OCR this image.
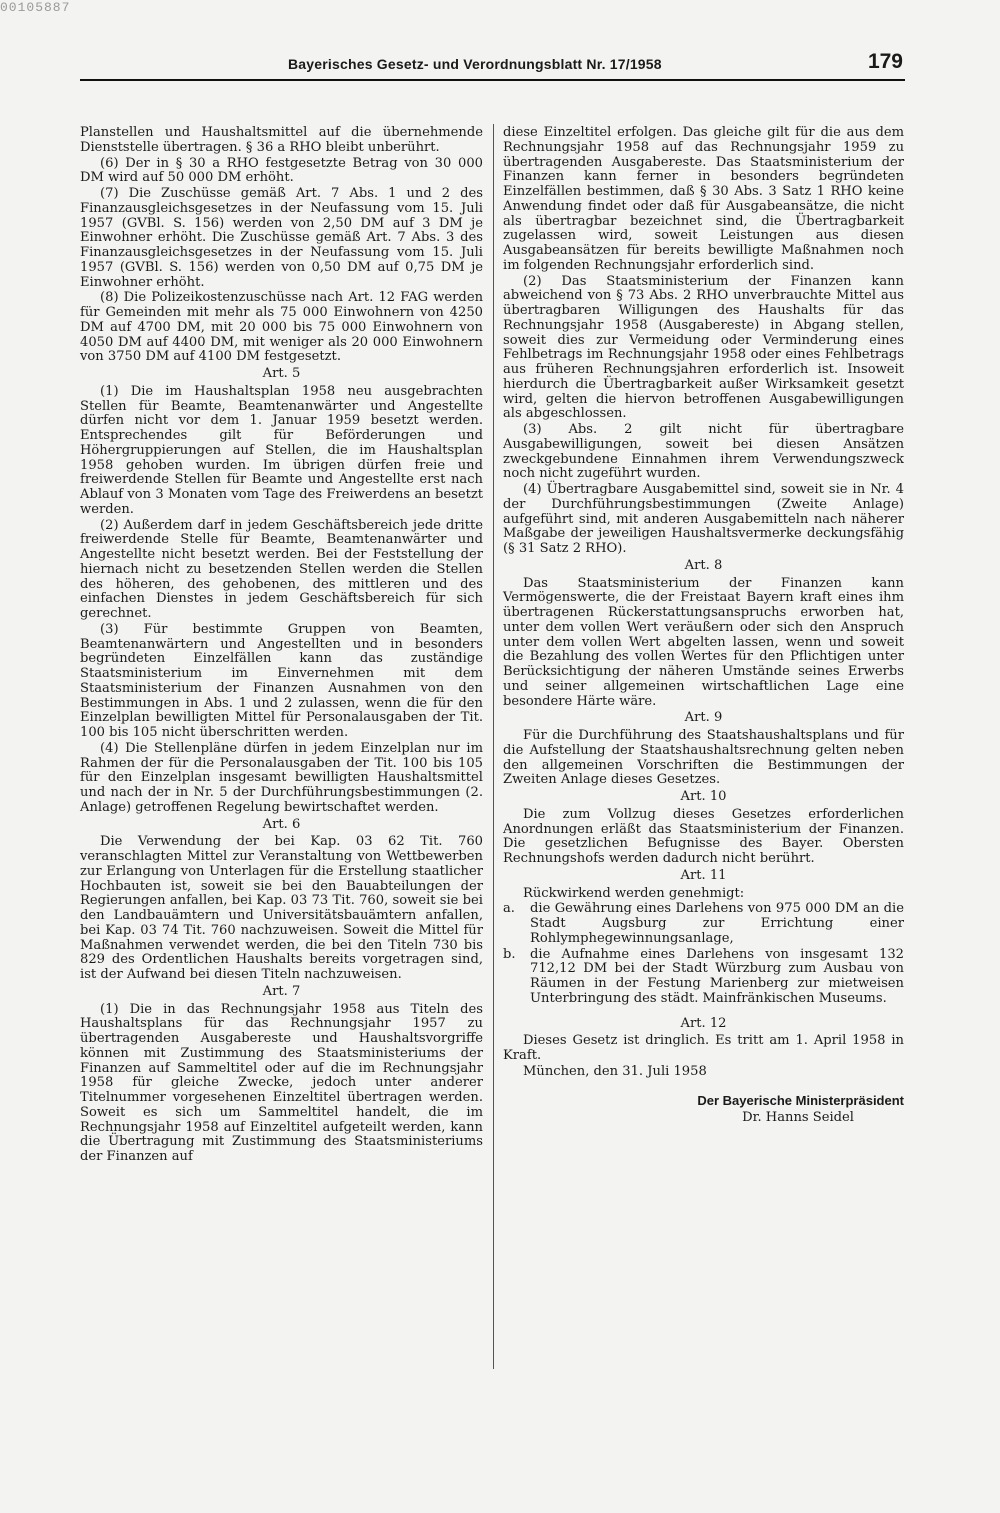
00105887
Bayerisches Gesetz- und Verordnungsblatt Nr. 17/1958	179

Planstellen und Haushaltsmittel auf die übernehmende Dienststelle übertragen. § 36 a RHO bleibt unberührt.

(6) Der in § 30 a RHO festgesetzte Betrag von 30 000 DM wird auf 50 000 DM erhöht.

(7) Die Zuschüsse gemäß Art. 7 Abs. 1 und 2 des Finanzausgleichsgesetzes in der Neufassung vom 15. Juli 1957 (GVBl. S. 156) werden von 2,50 DM auf 3 DM je Einwohner erhöht. Die Zuschüsse gemäß Art. 7 Abs. 3 des Finanzausgleichsgesetzes in der Neufassung vom 15. Juli 1957 (GVBl. S. 156) werden von 0,50 DM auf 0,75 DM je Einwohner erhöht.

(8) Die Polizeikostenzuschüsse nach Art. 12 FAG werden für Gemeinden mit mehr als 75 000 Einwohnern von 4250 DM auf 4700 DM, mit 20 000 bis 75 000 Einwohnern von 4050 DM auf 4400 DM, mit weniger als 20 000 Einwohnern von 3750 DM auf 4100 DM festgesetzt.

Art. 5

(1) Die im Haushaltsplan 1958 neu ausgebrachten Stellen für Beamte, Beamtenanwärter und Angestellte dürfen nicht vor dem 1. Januar 1959 besetzt werden. Entsprechendes gilt für Beförderungen und Höhergruppierungen auf Stellen, die im Haushaltsplan 1958 gehoben wurden. Im übrigen dürfen freie und freiwerdende Stellen für Beamte und Angestellte erst nach Ablauf von 3 Monaten vom Tage des Freiwerdens an besetzt werden.

(2) Außerdem darf in jedem Geschäftsbereich jede dritte freiwerdende Stelle für Beamte, Beamtenanwärter und Angestellte nicht besetzt werden. Bei der Feststellung der hiernach nicht zu besetzenden Stellen werden die Stellen des höheren, des gehobenen, des mittleren und des einfachen Dienstes in jedem Geschäftsbereich für sich gerechnet.

(3) Für bestimmte Gruppen von Beamten, Beamtenanwärtern und Angestellten und in besonders begründeten Einzelfällen kann das zuständige Staatsministerium im Einvernehmen mit dem Staatsministerium der Finanzen Ausnahmen von den Bestimmungen in Abs. 1 und 2 zulassen, wenn die für den Einzelplan bewilligten Mittel für Personalausgaben der Tit. 100 bis 105 nicht überschritten werden.

(4) Die Stellenpläne dürfen in jedem Einzelplan nur im Rahmen der für die Personalausgaben der Tit. 100 bis 105 für den Einzelplan insgesamt bewilligten Haushaltsmittel und nach der in Nr. 5 der Durchführungsbestimmungen (2. Anlage) getroffenen Regelung bewirtschaftet werden.

Art. 6

Die Verwendung der bei Kap. 03 62 Tit. 760 veranschlagten Mittel zur Veranstaltung von Wettbewerben zur Erlangung von Unterlagen für die Erstellung staatlicher Hochbauten ist, soweit sie bei den Bauabteilungen der Regierungen anfallen, bei Kap. 03 73 Tit. 760, soweit sie bei den Landbauämtern und Universitätsbauämtern anfallen, bei Kap. 03 74 Tit. 760 nachzuweisen. Soweit die Mittel für Maßnahmen verwendet werden, die bei den Titeln 730 bis 829 des Ordentlichen Haushalts bereits vorgetragen sind, ist der Aufwand bei diesen Titeln nachzuweisen.

Art. 7

(1) Die in das Rechnungsjahr 1958 aus Titeln des Haushaltsplans für das Rechnungsjahr 1957 zu übertragenden Ausgabereste und Haushaltsvorgriffe können mit Zustimmung des Staatsministeriums der Finanzen auf Sammeltitel oder auf die im Rechnungsjahr 1958 für gleiche Zwecke, jedoch unter anderer Titelnummer vorgesehenen Einzeltitel übertragen werden. Soweit es sich um Sammeltitel handelt, die im Rechnungsjahr 1958 auf Einzeltitel aufgeteilt werden, kann die Übertragung mit Zustimmung des Staatsministeriums der Finanzen auf

diese Einzeltitel erfolgen. Das gleiche gilt für die aus dem Rechnungsjahr 1958 auf das Rechnungsjahr 1959 zu übertragenden Ausgabereste. Das Staatsministerium der Finanzen kann ferner in besonders begründeten Einzelfällen bestimmen, daß § 30 Abs. 3 Satz 1 RHO keine Anwendung findet oder daß für Ausgabeansätze, die nicht als übertragbar bezeichnet sind, die Übertragbarkeit zugelassen wird, soweit Leistungen aus diesen Ausgabeansätzen für bereits bewilligte Maßnahmen noch im folgenden Rechnungsjahr erforderlich sind.

(2) Das Staatsministerium der Finanzen kann abweichend von § 73 Abs. 2 RHO unverbrauchte Mittel aus übertragbaren Willigungen des Haushalts für das Rechnungsjahr 1958 (Ausgabereste) in Abgang stellen, soweit dies zur Vermeidung oder Verminderung eines Fehlbetrags im Rechnungsjahr 1958 oder eines Fehlbetrags aus früheren Rechnungsjahren erforderlich ist. Insoweit hierdurch die Übertragbarkeit außer Wirksamkeit gesetzt wird, gelten die hiervon betroffenen Ausgabewilligungen als abgeschlossen.

(3) Abs. 2 gilt nicht für übertragbare Ausgabewilligungen, soweit bei diesen Ansätzen zweckgebundene Einnahmen ihrem Verwendungszweck noch nicht zugeführt wurden.

(4) Übertragbare Ausgabemittel sind, soweit sie in Nr. 4 der Durchführungsbestimmungen (Zweite Anlage) aufgeführt sind, mit anderen Ausgabemitteln nach näherer Maßgabe der jeweiligen Haushaltsvermerke deckungsfähig (§ 31 Satz 2 RHO).

Art. 8

Das Staatsministerium der Finanzen kann Vermögenswerte, die der Freistaat Bayern kraft eines ihm übertragenen Rückerstattungsanspruchs erworben hat, unter dem vollen Wert veräußern oder sich den Anspruch unter dem vollen Wert abgelten lassen, wenn und soweit die Bezahlung des vollen Wertes für den Pflichtigen unter Berücksichtigung der näheren Umstände seines Erwerbs und seiner allgemeinen wirtschaftlichen Lage eine besondere Härte wäre.

Art. 9

Für die Durchführung des Staatshaushaltsplans und für die Aufstellung der Staatshaushaltsrechnung gelten neben den allgemeinen Vorschriften die Bestimmungen der Zweiten Anlage dieses Gesetzes.

Art. 10

Die zum Vollzug dieses Gesetzes erforderlichen Anordnungen erläßt das Staatsministerium der Finanzen. Die gesetzlichen Befugnisse des Bayer. Obersten Rechnungshofs werden dadurch nicht berührt.

Art. 11

Rückwirkend werden genehmigt:

a.	die Gewährung eines Darlehens von 975 000 DM an die Stadt Augsburg zur Errichtung einer Rohlymphegewinnungsanlage,
b.	die Aufnahme eines Darlehens von insgesamt 132 712,12 DM bei der Stadt Würzburg zum Ausbau von Räumen in der Festung Marienberg zur mietweisen Unterbringung des städt. Mainfränkischen Museums.
Art. 12

Dieses Gesetz ist dringlich. Es tritt am 1. April 1958 in Kraft.

München, den 31. Juli 1958

Der Bayerische Ministerpräsident
Dr. Hanns Seidel
